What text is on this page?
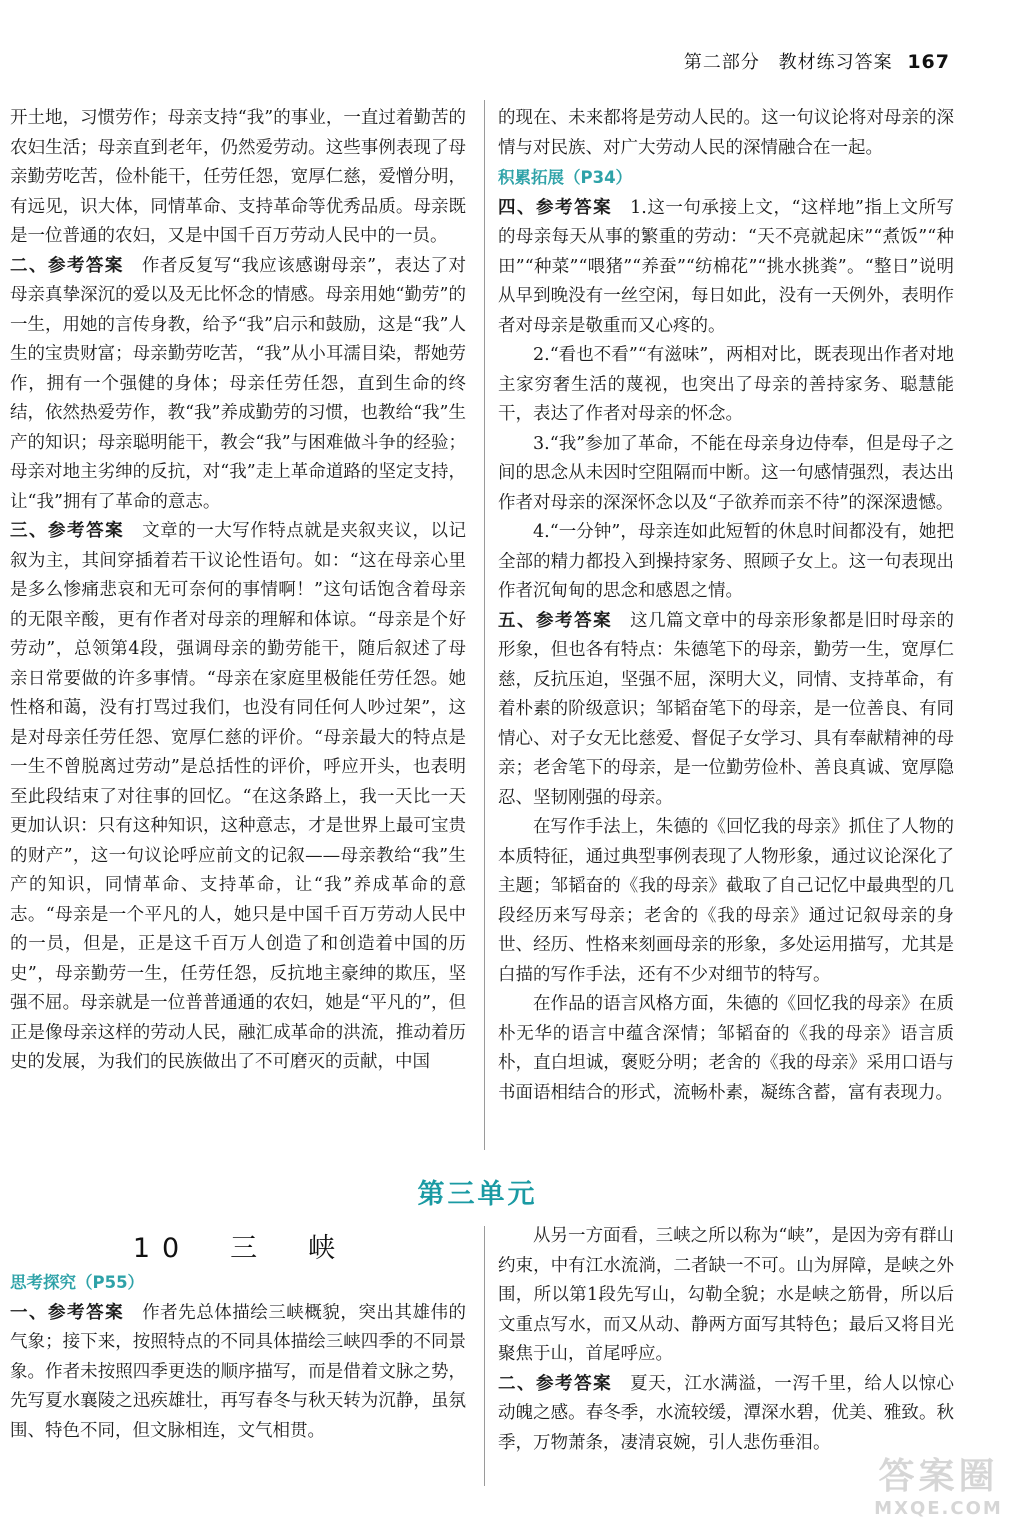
第二部分 教材练习答案 167

开土地，习惯劳作；母亲支持“我”的事业，一直过着勤苦的农妇生活；母亲直到老年，仍然爱劳动。这些事例表现了母亲勤劳吃苦，俭朴能干，任劳任怨，宽厚仁慈，爱憎分明，有远见，识大体，同情革命、支持革命等优秀品质。母亲既是一位普通的农妇，又是中国千百万劳动人民中的一员。

二、参考答案　作者反复写“我应该感谢母亲”，表达了对母亲真挚深沉的爱以及无比怀念的情感。母亲用她“勤劳”的一生，用她的言传身教，给予“我”启示和鼓励，这是“我”人生的宝贵财富；母亲勤劳吃苦，“我”从小耳濡目染，帮她劳作，拥有一个强健的身体；母亲任劳任怨，直到生命的终结，依然热爱劳作，教“我”养成勤劳的习惯，也教给“我”生产的知识；母亲聪明能干，教会“我”与困难做斗争的经验；母亲对地主劣绅的反抗，对“我”走上革命道路的坚定支持，让“我”拥有了革命的意志。

三、参考答案　文章的一大写作特点就是夹叙夹议，以记叙为主，其间穿插着若干议论性语句。如：“这在母亲心里是多么惨痛悲哀和无可奈何的事情啊！”这句话饱含着母亲的无限辛酸，更有作者对母亲的理解和体谅。“母亲是个好劳动”，总领第4段，强调母亲的勤劳能干，随后叙述了母亲日常要做的许多事情。“母亲在家庭里极能任劳任怨。她性格和蔼，没有打骂过我们，也没有同任何人吵过架”，这是对母亲任劳任怨、宽厚仁慈的评价。“母亲最大的特点是一生不曾脱离过劳动”是总括性的评价，呼应开头，也表明至此段结束了对往事的回忆。“在这条路上，我一天比一天更加认识：只有这种知识，这种意志，才是世界上最可宝贵的财产”，这一句议论呼应前文的记叙——母亲教给“我”生产的知识，同情革命、支持革命，让“我”养成革命的意志。“母亲是一个平凡的人，她只是中国千百万劳动人民中的一员，但是，正是这千百万人创造了和创造着中国的历史”，母亲勤劳一生，任劳任怨，反抗地主豪绅的欺压，坚强不屈。母亲就是一位普普通通的农妇，她是“平凡的”，但正是像母亲这样的劳动人民，融汇成革命的洪流，推动着历史的发展，为我们的民族做出了不可磨灭的贡献，中国

的现在、未来都将是劳动人民的。这一句议论将对母亲的深情与对民族、对广大劳动人民的深情融合在一起。

积累拓展（P34）

四、参考答案　1.这一句承接上文，“这样地”指上文所写的母亲每天从事的繁重的劳动：“天不亮就起床”“煮饭”“种田”“种菜”“喂猪”“养蚕”“纺棉花”“挑水挑粪”。“整日”说明从早到晚没有一丝空闲，每日如此，没有一天例外，表明作者对母亲是敬重而又心疼的。

2.“看也不看”“有滋味”，两相对比，既表现出作者对地主家穷奢生活的蔑视，也突出了母亲的善持家务、聪慧能干，表达了作者对母亲的怀念。

3.“我”参加了革命，不能在母亲身边侍奉，但是母子之间的思念从未因时空阻隔而中断。这一句感情强烈，表达出作者对母亲的深深怀念以及“子欲养而亲不待”的深深遗憾。

4.“一分钟”，母亲连如此短暂的休息时间都没有，她把全部的精力都投入到操持家务、照顾子女上。这一句表现出作者沉甸甸的思念和感恩之情。

五、参考答案　这几篇文章中的母亲形象都是旧时母亲的形象，但也各有特点：朱德笔下的母亲，勤劳一生，宽厚仁慈，反抗压迫，坚强不屈，深明大义，同情、支持革命，有着朴素的阶级意识；邹韬奋笔下的母亲，是一位善良、有同情心、对子女无比慈爱、督促子女学习、具有奉献精神的母亲；老舍笔下的母亲，是一位勤劳俭朴、善良真诚、宽厚隐忍、坚韧刚强的母亲。

在写作手法上，朱德的《回忆我的母亲》抓住了人物的本质特征，通过典型事例表现了人物形象，通过议论深化了主题；邹韬奋的《我的母亲》截取了自己记忆中最典型的几段经历来写母亲；老舍的《我的母亲》通过记叙母亲的身世、经历、性格来刻画母亲的形象，多处运用描写，尤其是白描的写作手法，还有不少对细节的特写。

在作品的语言风格方面，朱德的《回忆我的母亲》在质朴无华的语言中蕴含深情；邹韬奋的《我的母亲》语言质朴，直白坦诚，褒贬分明；老舍的《我的母亲》采用口语与书面语相结合的形式，流畅朴素，凝练含蓄，富有表现力。

第三单元
10　三　峡

思考探究（P55）

一、参考答案　作者先总体描绘三峡概貌，突出其雄伟的气象；接下来，按照特点的不同具体描绘三峡四季的不同景象。作者未按照四季更迭的顺序描写，而是借着文脉之势，先写夏水襄陵之迅疾雄壮，再写春冬与秋天转为沉静，虽氛围、特色不同，但文脉相连，文气相贯。

从另一方面看，三峡之所以称为“峡”，是因为旁有群山约束，中有江水流淌，二者缺一不可。山为屏障，是峡之外围，所以第1段先写山，勾勒全貌；水是峡之筋骨，所以后文重点写水，而又从动、静两方面写其特色；最后又将目光聚焦于山，首尾呼应。

二、参考答案　夏天，江水满溢，一泻千里，给人以惊心动魄之感。春冬季，水流较缓，潭深水碧，优美、雅致。秋季，万物萧条，凄清哀婉，引人悲伤垂泪。

答案圈
MXQE.COM
